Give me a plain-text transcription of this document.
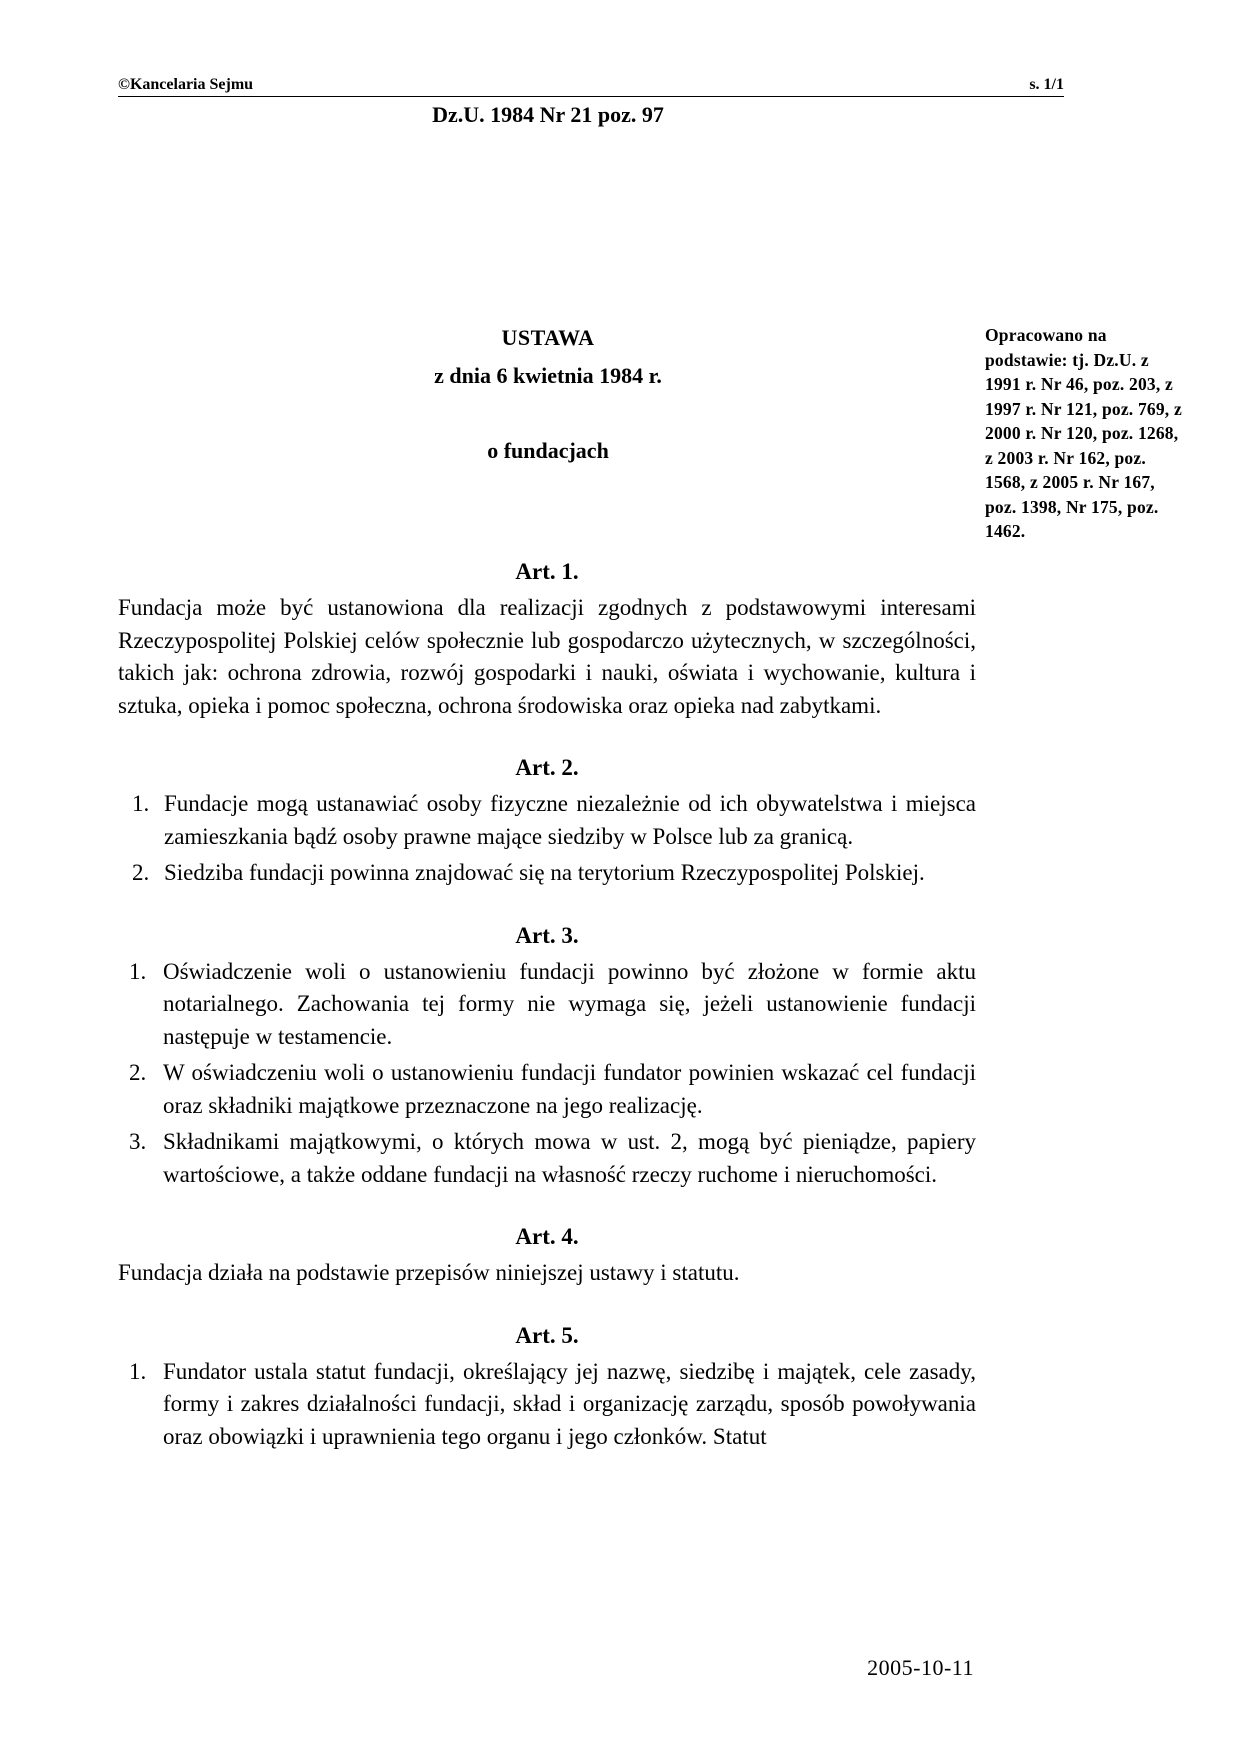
©Kancelaria Sejmu	s. 1/1
Dz.U. 1984 Nr 21 poz. 97
USTAWA
z dnia 6 kwietnia 1984 r.
o fundacjach
Opracowano na podstawie: tj. Dz.U. z 1991 r. Nr 46, poz. 203, z 1997 r. Nr 121, poz. 769, z 2000 r. Nr 120, poz. 1268, z 2003 r. Nr 162, poz. 1568, z 2005 r. Nr 167, poz. 1398, Nr 175, poz. 1462.
Art. 1.

Fundacja może być ustanowiona dla realizacji zgodnych z podstawowymi interesami Rzeczypospolitej Polskiej celów społecznie lub gospodarczo użytecznych, w szczególności, takich jak: ochrona zdrowia, rozwój gospodarki i nauki, oświata i wychowanie, kultura i sztuka, opieka i pomoc społeczna, ochrona środowiska oraz opieka nad zabytkami.

Art. 2.
1. Fundacje mogą ustanawiać osoby fizyczne niezależnie od ich obywatelstwa i miejsca zamieszkania bądź osoby prawne mające siedziby w Polsce lub za granicą.
2. Siedziba fundacji powinna znajdować się na terytorium Rzeczypospolitej Polskiej.
Art. 3.
1. Oświadczenie woli o ustanowieniu fundacji powinno być złożone w formie aktu notarialnego. Zachowania tej formy nie wymaga się, jeżeli ustanowienie fundacji następuje w testamencie.
2. W oświadczeniu woli o ustanowieniu fundacji fundator powinien wskazać cel fundacji oraz składniki majątkowe przeznaczone na jego realizację.
3. Składnikami majątkowymi, o których mowa w ust. 2, mogą być pieniądze, papiery wartościowe, a także oddane fundacji na własność rzeczy ruchome i nieruchomości.
Art. 4.

Fundacja działa na podstawie przepisów niniejszej ustawy i statutu.

Art. 5.
1. Fundator ustala statut fundacji, określający jej nazwę, siedzibę i majątek, cele zasady, formy i zakres działalności fundacji, skład i organizację zarządu, sposób powoływania oraz obowiązki i uprawnienia tego organu i jego członków. Statut
2005-10-11
